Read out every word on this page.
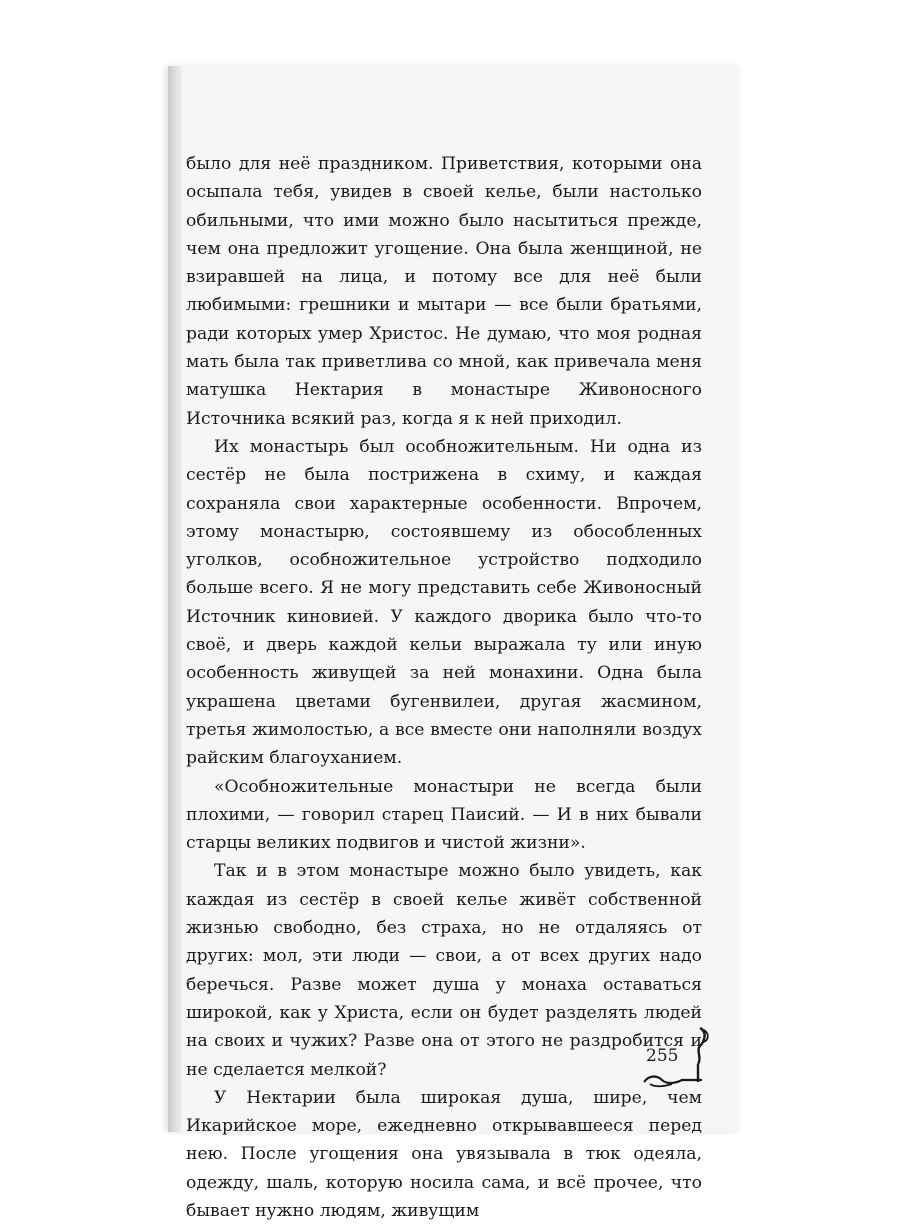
было для неё праздником. Приветствия, которыми она осыпала тебя, увидев в своей келье, были настолько обильными, что ими можно было насытиться прежде, чем она предложит угощение. Она была женщиной, не взиравшей на лица, и потому все для неё были любимыми: грешники и мытари — все были братьями, ради которых умер Христос. Не думаю, что моя родная мать была так приветлива со мной, как привечала меня матушка Нектария в монастыре Живоносного Источника всякий раз, когда я к ней приходил.

Их монастырь был особножительным. Ни одна из сестёр не была пострижена в схиму, и каждая сохраняла свои характерные особенности. Впрочем, этому монастырю, состоявшему из обособленных уголков, особножительное устройство подходило больше всего. Я не могу представить себе Живоносный Источник киновией. У каждого дворика было что-то своё, и дверь каждой кельи выражала ту или иную особенность живущей за ней монахини. Одна была украшена цветами бугенвилеи, другая жасмином, третья жимолостью, а все вместе они наполняли воздух райским благоуханием.

«Особножительные монастыри не всегда были плохими, — говорил старец Паисий. — И в них бывали старцы великих подвигов и чистой жизни».

Так и в этом монастыре можно было увидеть, как каждая из сестёр в своей келье живёт собственной жизнью свободно, без страха, но не отдаляясь от других: мол, эти люди — свои, а от всех других надо беречься. Разве может душа у монаха оставаться широкой, как у Христа, если он будет разделять людей на своих и чужих? Разве она от этого не раздробится и не сделается мелкой?

У Нектарии была широкая душа, шире, чем Икарийское море, ежедневно открывавшееся перед нею. После угощения она увязывала в тюк одеяла, одежду, шаль, которую носила сама, и всё прочее, что бывает нужно людям, живущим

255
